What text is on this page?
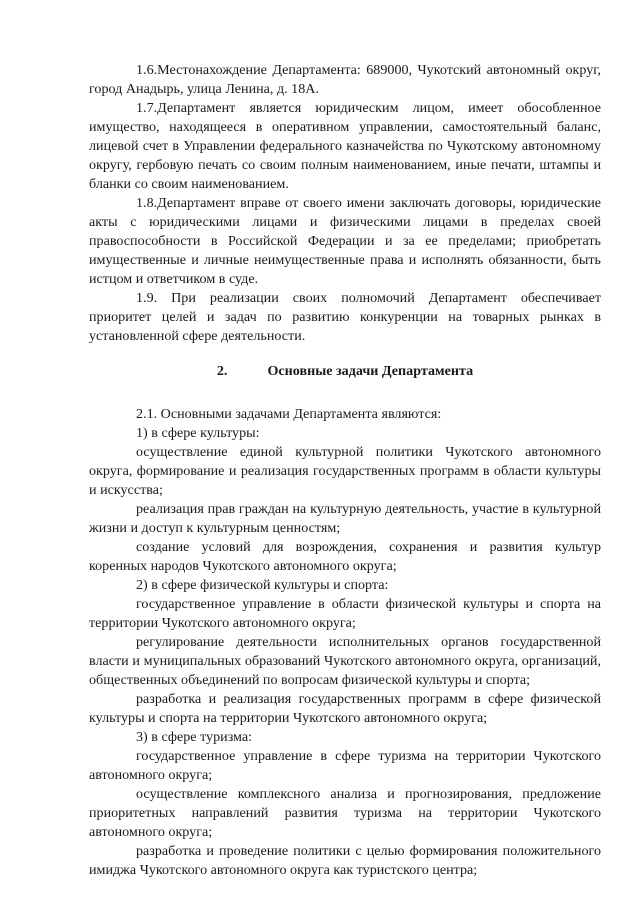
1.6.Местонахождение Департамента: 689000, Чукотский автономный округ, город Анадырь, улица Ленина, д. 18А.

1.7.Департамент является юридическим лицом, имеет обособленное имущество, находящееся в оперативном управлении, самостоятельный баланс, лицевой счет в Управлении федерального казначейства по Чукотскому автономному округу, гербовую печать со своим полным наименованием, иные печати, штампы и бланки со своим наименованием.

1.8.Департамент вправе от своего имени заключать договоры, юридические акты с юридическими лицами и физическими лицами в пределах своей правоспособности в Российской Федерации и за ее пределами; приобретать имущественные и личные неимущественные права и исполнять обязанности, быть истцом и ответчиком в суде.

1.9. При реализации своих полномочий Департамент обеспечивает приоритет целей и задач по развитию конкуренции на товарных рынках в установленной сфере деятельности.

2.	Основные задачи Департамента

2.1. Основными задачами Департамента являются:

1) в сфере культуры:

осуществление единой культурной политики Чукотского автономного округа, формирование и реализация государственных программ в области культуры и искусства;

реализация прав граждан на культурную деятельность, участие в культурной жизни и доступ к культурным ценностям;

создание условий для возрождения, сохранения и развития культур коренных народов Чукотского автономного округа;

2) в сфере физической культуры и спорта:

государственное управление в области физической культуры и спорта на территории Чукотского автономного округа;

регулирование деятельности исполнительных органов государственной власти и муниципальных образований Чукотского автономного округа, организаций, общественных объединений по вопросам физической культуры и спорта;

разработка и реализация государственных программ в сфере физической культуры и спорта на территории Чукотского автономного округа;

3) в сфере туризма:

государственное управление в сфере туризма на территории Чукотского автономного округа;

осуществление комплексного анализа и прогнозирования, предложение приоритетных направлений развития туризма на территории Чукотского автономного округа;

разработка и проведение политики с целью формирования положительного имиджа Чукотского автономного округа как туристского центра;
